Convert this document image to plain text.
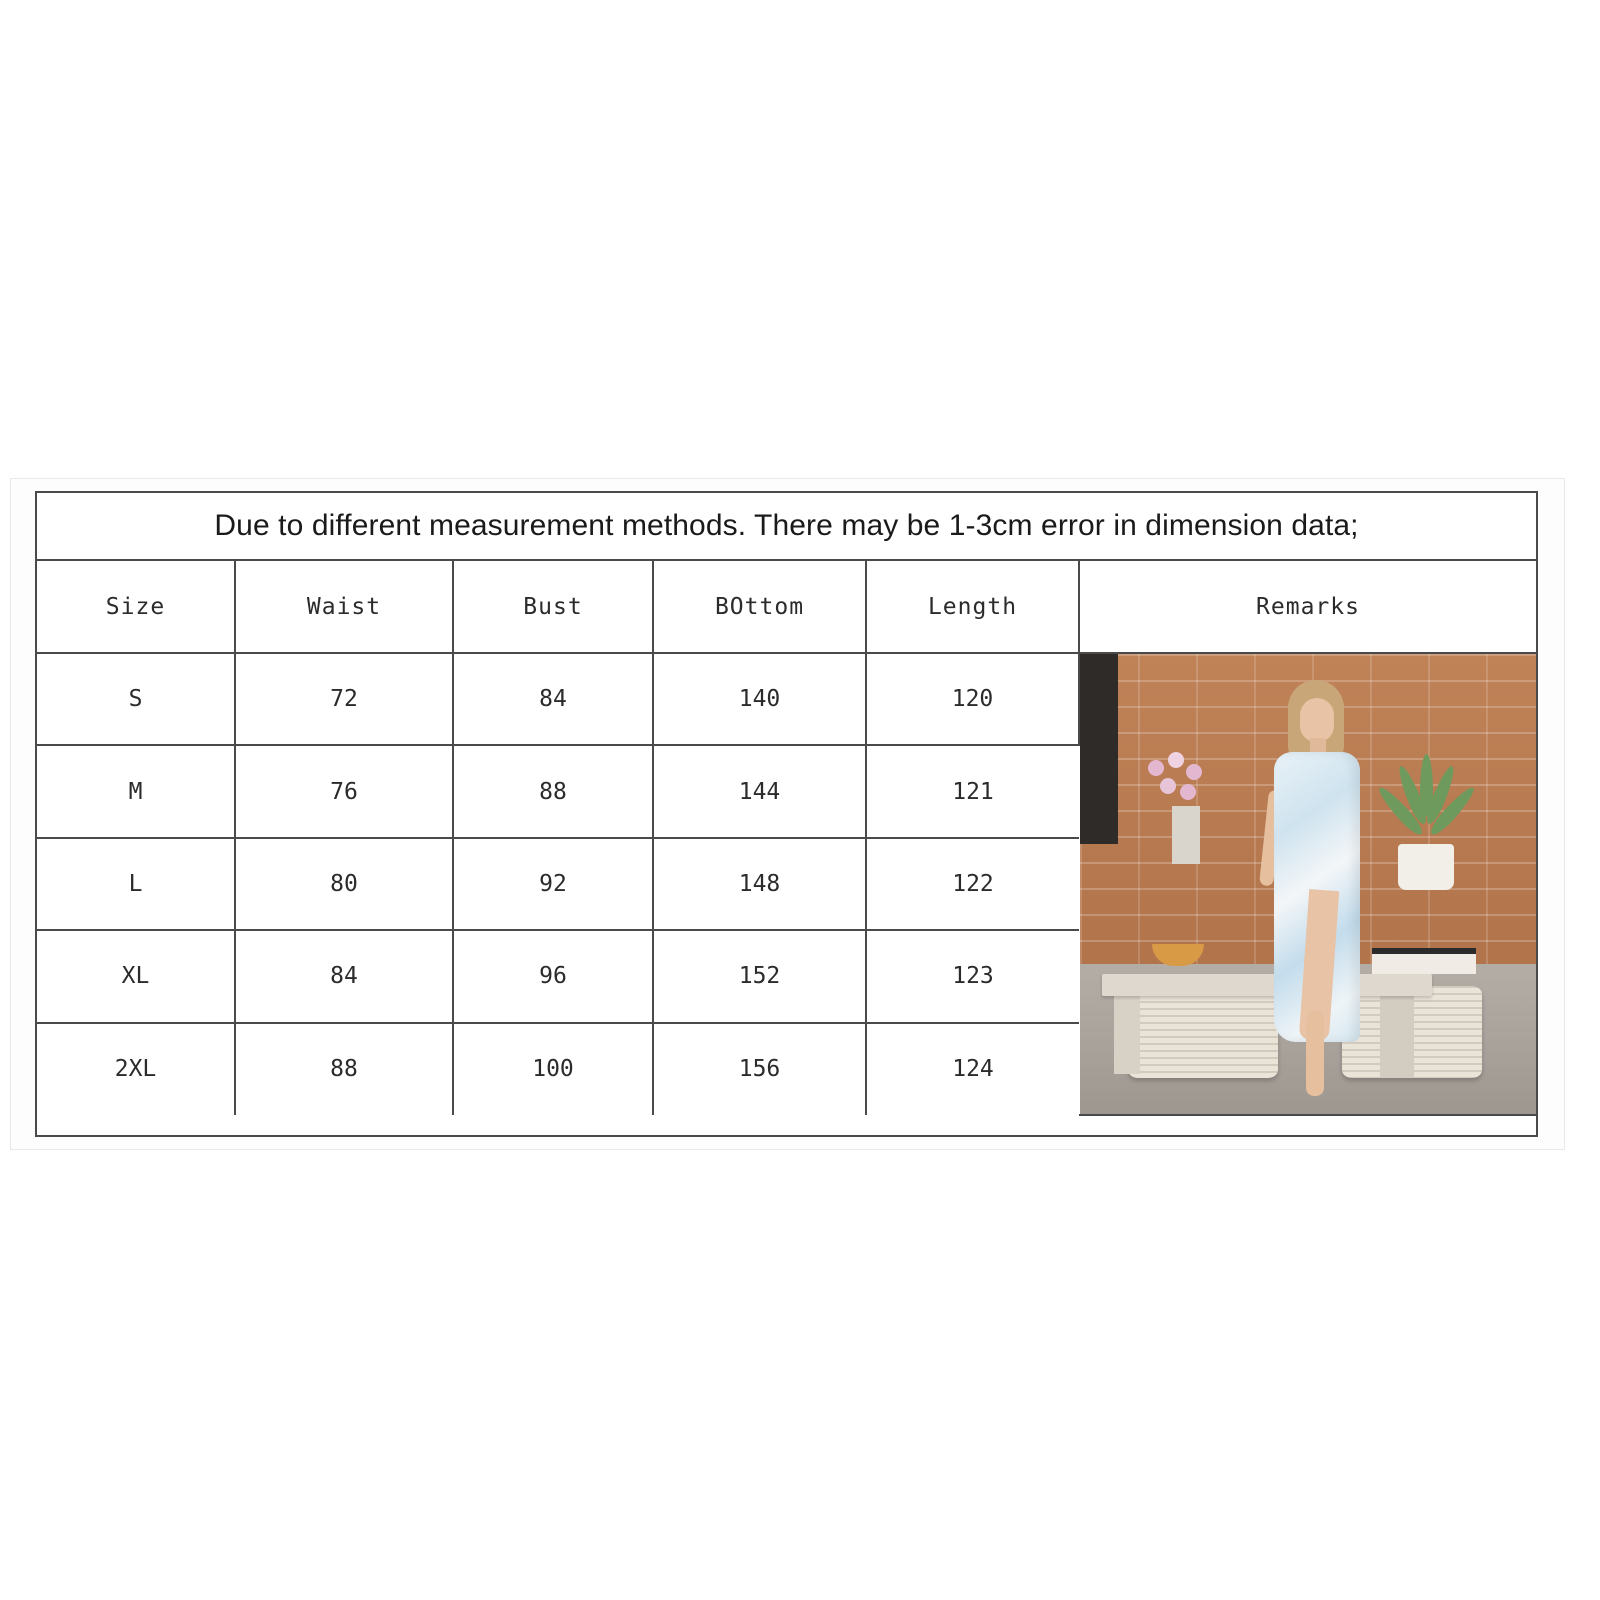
Due to different measurement methods. There may be 1-3cm error in dimension data;
Size	Waist	Bust	BOttom	Length	Remarks
S	72	84	140	120	

M	76	88	144	121	
L	80	92	148	122	
XL	84	96	152	123	
2XL	88	100	156	124	
